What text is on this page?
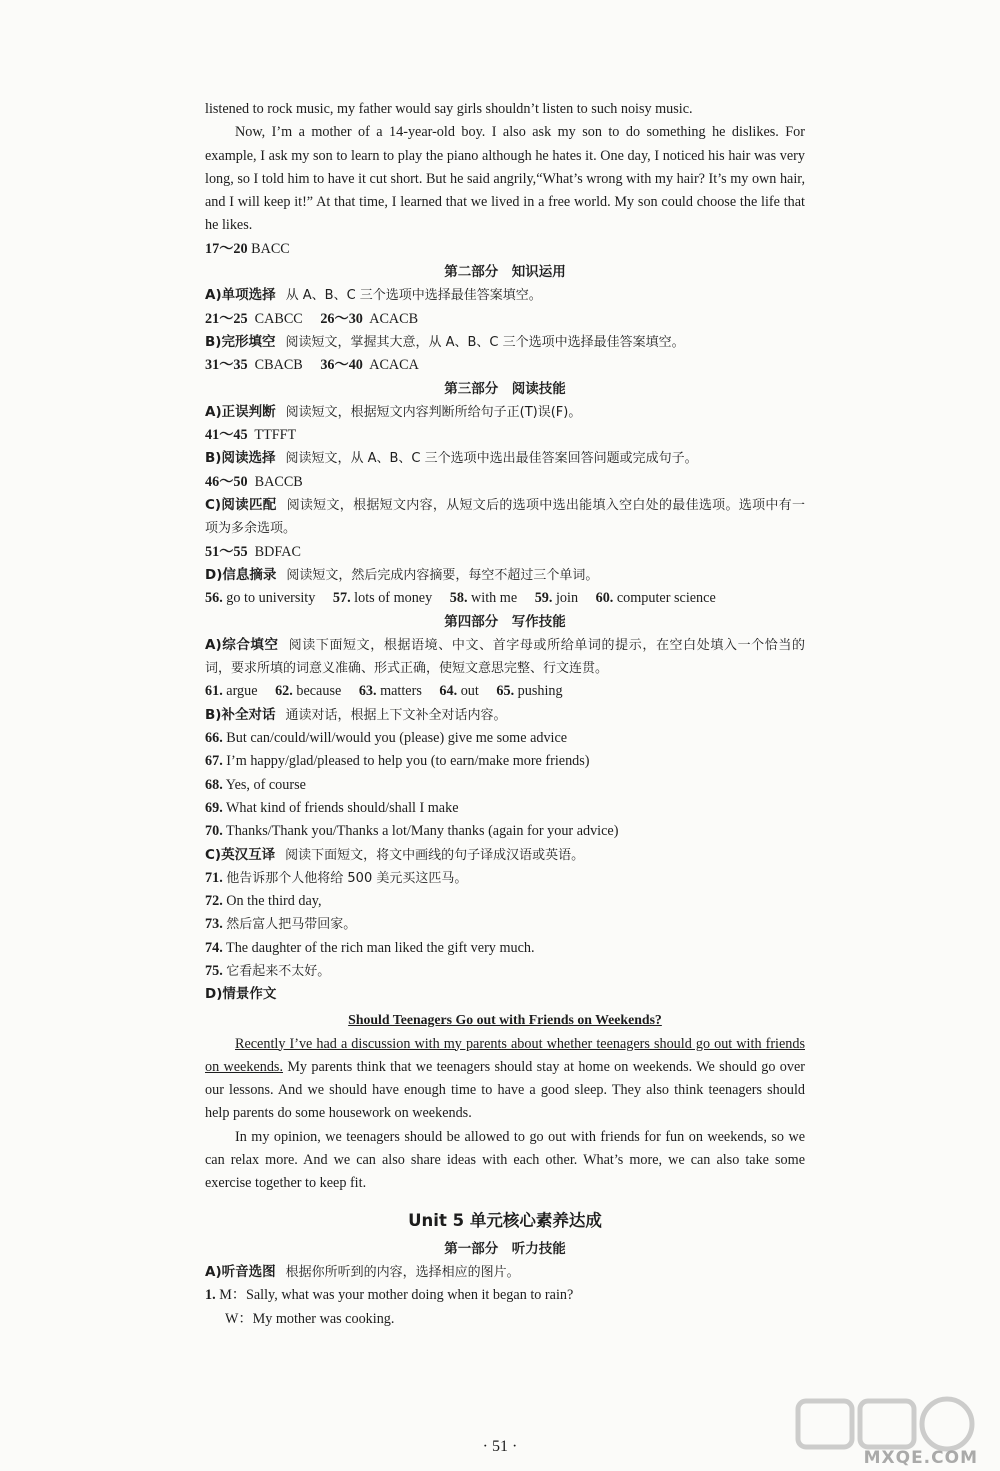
listened to rock music, my father would say girls shouldn’t listen to such noisy music.
Now, I’m a mother of a 14-year-old boy. I also ask my son to do something he dislikes. For example, I ask my son to learn to play the piano although he hates it. One day, I noticed his hair was very long, so I told him to have it cut short. But he said angrily,“What’s wrong with my hair? It’s my own hair, and I will keep it!” At that time, I learned that we lived in a free world. My son could choose the life that he likes.
17～20 BACC
第二部分　知识运用
A)单项选择 从 A、B、C 三个选项中选择最佳答案填空。
21～25 CABCC 26～30 ACACB
B)完形填空 阅读短文，掌握其大意，从 A、B、C 三个选项中选择最佳答案填空。
31～35 CBACB 36～40 ACACA
第三部分　阅读技能
A)正误判断 阅读短文，根据短文内容判断所给句子正(T)误(F)。
41～45 TTFFT
B)阅读选择 阅读短文，从 A、B、C 三个选项中选出最佳答案回答问题或完成句子。
46～50 BACCB
C)阅读匹配 阅读短文，根据短文内容，从短文后的选项中选出能填入空白处的最佳选项。选项中有一项为多余选项。
51～55 BDFAC
D)信息摘录 阅读短文，然后完成内容摘要，每空不超过三个单词。
56. go to university 57. lots of money 58. with me 59. join 60. computer science
第四部分　写作技能
A)综合填空 阅读下面短文，根据语境、中文、首字母或所给单词的提示，在空白处填入一个恰当的词，要求所填的词意义准确、形式正确，使短文意思完整、行文连贯。
61. argue 62. because 63. matters 64. out 65. pushing
B)补全对话 通读对话，根据上下文补全对话内容。
66. But can/could/will/would you (please) give me some advice
67. I’m happy/glad/pleased to help you (to earn/make more friends)
68. Yes, of course
69. What kind of friends should/shall I make
70. Thanks/Thank you/Thanks a lot/Many thanks (again for your advice)
C)英汉互译 阅读下面短文，将文中画线的句子译成汉语或英语。
71. 他告诉那个人他将给 500 美元买这匹马。
72. On the third day,
73. 然后富人把马带回家。
74. The daughter of the rich man liked the gift very much.
75. 它看起来不太好。
D)情景作文
Should Teenagers Go out with Friends on Weekends?
Recently I’ve had a discussion with my parents about whether teenagers should go out with friends on weekends. My parents think that we teenagers should stay at home on weekends. We should go over our lessons. And we should have enough time to have a good sleep. They also think teenagers should help parents do some housework on weekends.
In my opinion, we teenagers should be allowed to go out with friends for fun on weekends, so we can relax more. And we can also share ideas with each other. What’s more, we can also take some exercise together to keep fit.
Unit 5 单元核心素养达成
第一部分　听力技能
A)听音选图 根据你所听到的内容，选择相应的图片。
1. M：Sally, what was your mother doing when it began to rain?
W：My mother was cooking.
· 51 ·
MXQE.COM
